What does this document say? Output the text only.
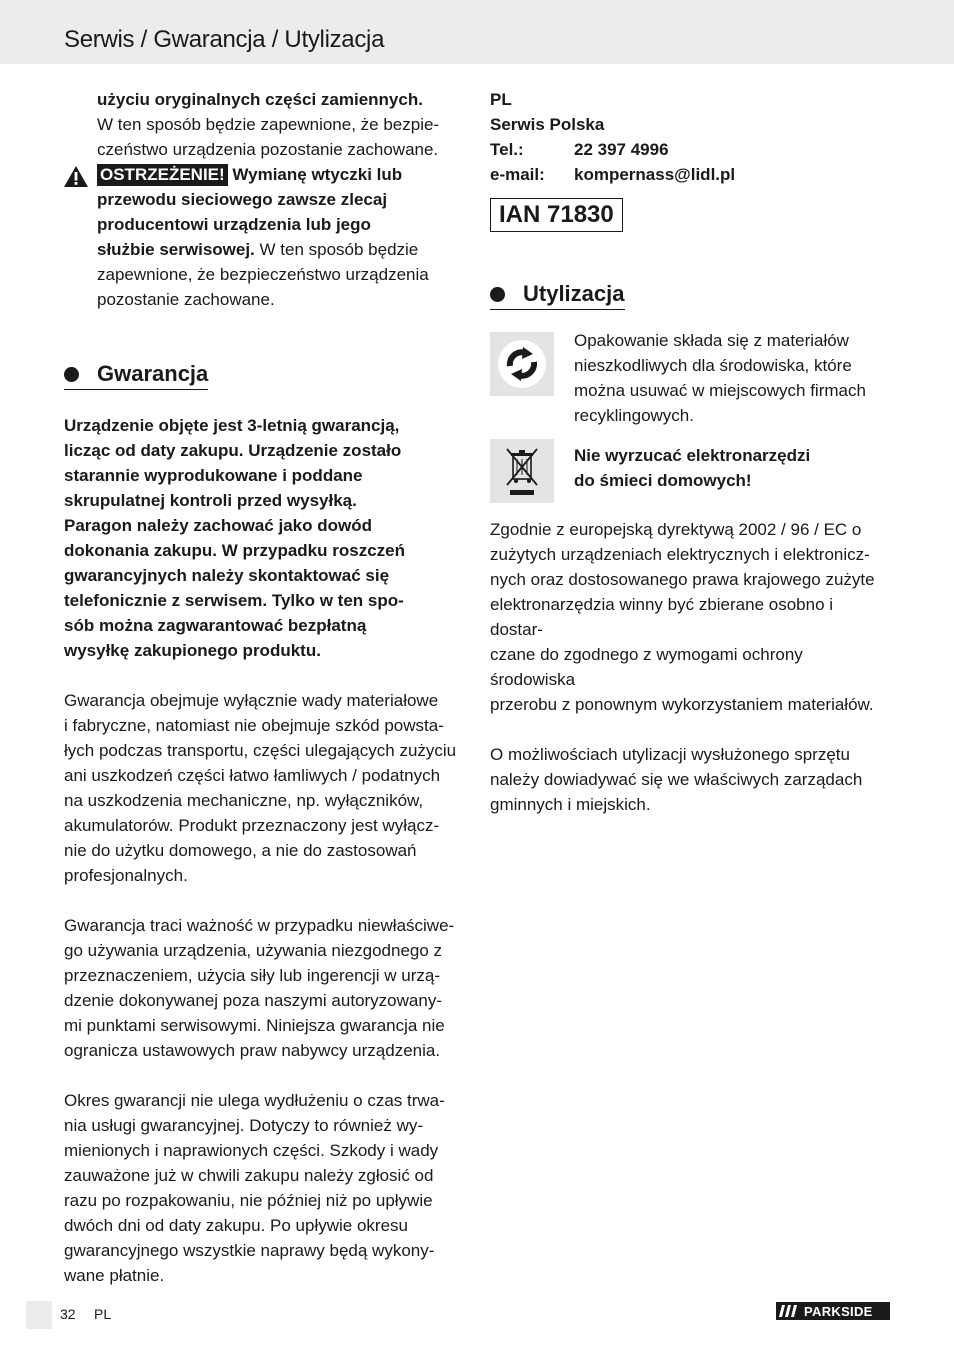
Serwis / Gwarancja / Utylizacja

użyciu oryginalnych części zamiennych.

W ten sposób będzie zapewnione, że bezpie-

czeństwo urządzenia pozostanie zachowane.

OSTRZEŻENIE! Wymianę wtyczki lub

przewodu sieciowego zawsze zlecaj

producentowi urządzenia lub jego

służbie serwisowej. W ten sposób będzie

zapewnione, że bezpieczeństwo urządzenia

pozostanie zachowane.

Gwarancja

Urządzenie objęte jest 3-letnią gwarancją,

licząc od daty zakupu. Urządzenie zostało

starannie wyprodukowane i poddane

skrupulatnej kontroli przed wysyłką.

Paragon należy zachować jako dowód

dokonania zakupu. W przypadku roszczeń

gwarancyjnych należy skontaktować się

telefonicznie z serwisem. Tylko w ten spo-

sób można zagwarantować bezpłatną

wysyłkę zakupionego produktu.

Gwarancja obejmuje wyłącznie wady materiałowe

i fabryczne, natomiast nie obejmuje szkód powsta-

łych podczas transportu, części ulegających zużyciu

ani uszkodzeń części łatwo łamliwych / podatnych

na uszkodzenia mechaniczne, np. wyłączników,

akumulatorów. Produkt przeznaczony jest wyłącz-

nie do użytku domowego, a nie do zastosowań

profesjonalnych.

Gwarancja traci ważność w przypadku niewłaściwe-

go używania urządzenia, używania niezgodnego z

przeznaczeniem, użycia siły lub ingerencji w urzą-

dzenie dokonywanej poza naszymi autoryzowany-

mi punktami serwisowymi. Niniejsza gwarancja nie

ogranicza ustawowych praw nabywcy urządzenia.

Okres gwarancji nie ulega wydłużeniu o czas trwa-

nia usługi gwarancyjnej. Dotyczy to również wy-

mienionych i naprawionych części. Szkody i wady

zauważone już w chwili zakupu należy zgłosić od

razu po rozpakowaniu, nie później niż po upływie

dwóch dni od daty zakupu. Po upływie okresu

gwarancyjnego wszystkie naprawy będą wykony-

wane płatnie.

PL

Serwis Polska

Tel.:	22 397 4996
e-mail:	kompernass@lidl.pl
IAN 71830
Utylizacja

Opakowanie składa się z materiałów

nieszkodliwych dla środowiska, które

można usuwać w miejscowych firmach

recyklingowych.

Nie wyrzucać elektronarzędzi

do śmieci domowych!

Zgodnie z europejską dyrektywą 2002 / 96 / EC o

zużytych urządzeniach elektrycznych i elektronicz-

nych oraz dostosowanego prawa krajowego zużyte

elektronarzędzia winny być zbierane osobno i dostar-

czane do zgodnego z wymogami ochrony środowiska

przerobu z ponownym wykorzystaniem materiałów.

O możliwościach utylizacji wysłużonego sprzętu

należy dowiadywać się we właściwych zarządach

gminnych i miejskich.

32 PL	PARKSIDE
